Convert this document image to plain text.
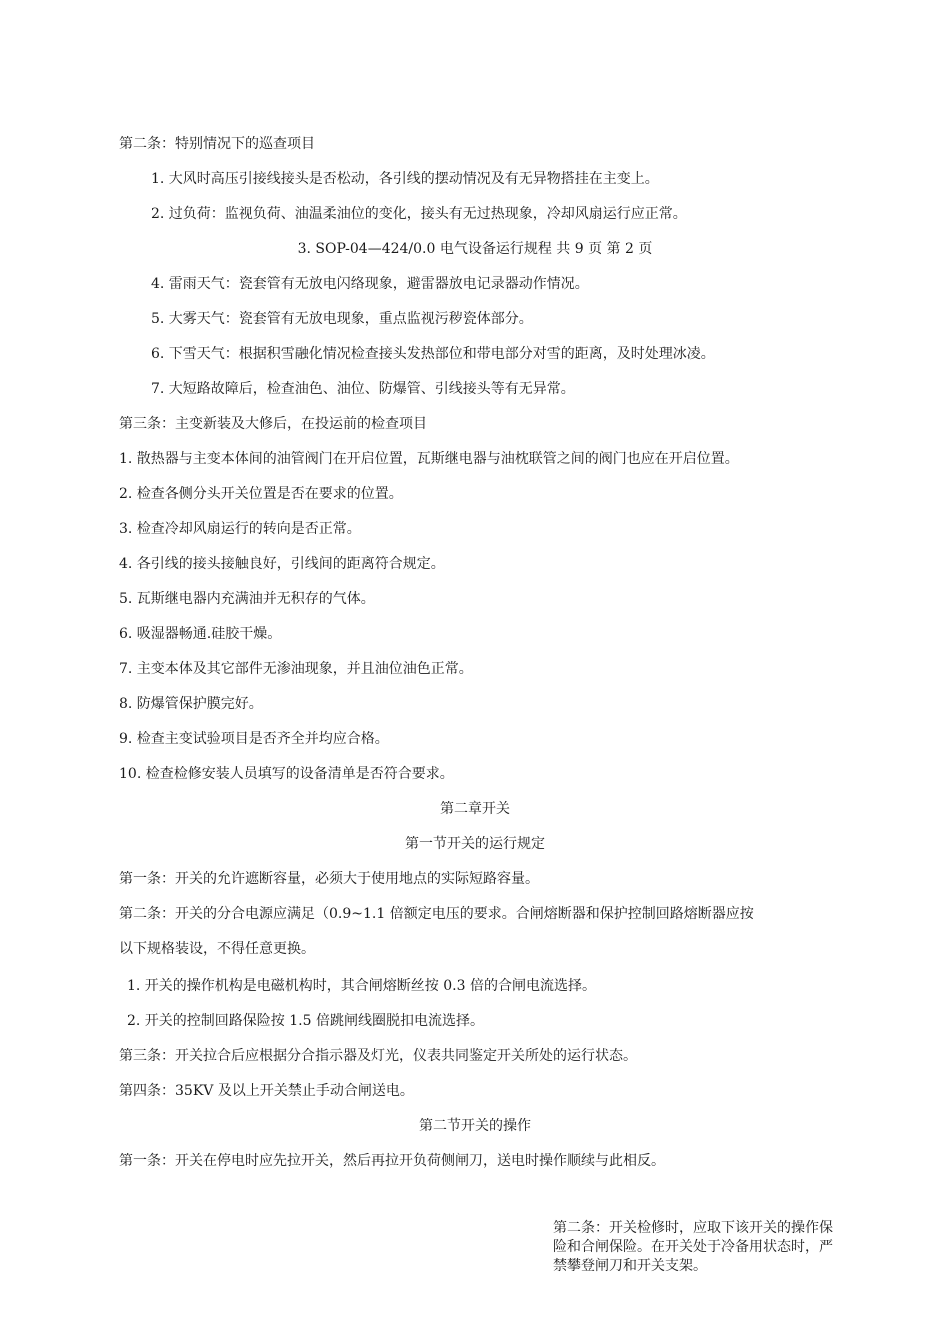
第二条：特别情况下的巡查项目
1. 大风时高压引接线接头是否松动，各引线的摆动情况及有无异物搭挂在主变上。
2. 过负荷：监视负荷、油温柔油位的变化，接头有无过热现象，冷却风扇运行应正常。
3. SOP-04—424/0.0 电气设备运行规程 共 9 页 第 2 页
4. 雷雨天气：瓷套管有无放电闪络现象，避雷器放电记录器动作情况。
5. 大雾天气：瓷套管有无放电现象，重点监视污秽瓷体部分。
6. 下雪天气：根据积雪融化情况检查接头发热部位和带电部分对雪的距离，及时处理冰凌。
7. 大短路故障后，检查油色、油位、防爆管、引线接头等有无异常。
第三条：主变新装及大修后，在投运前的检查项目
1. 散热器与主变本体间的油管阀门在开启位置，瓦斯继电器与油枕联管之间的阀门也应在开启位置。
2. 检查各侧分头开关位置是否在要求的位置。
3. 检查冷却风扇运行的转向是否正常。
4. 各引线的接头接触良好，引线间的距离符合规定。
5. 瓦斯继电器内充满油并无积存的气体。
6. 吸湿器畅通.硅胶干燥。
7. 主变本体及其它部件无渗油现象，并且油位油色正常。
8. 防爆管保护膜完好。
9. 检查主变试验项目是否齐全并均应合格。
10. 检查检修安装人员填写的设备清单是否符合要求。
第二章开关
第一节开关的运行规定
第一条：开关的允许遮断容量，必须大于使用地点的实际短路容量。
第二条：开关的分合电源应满足（0.9~1.1 倍额定电压的要求。合闸熔断器和保护控制回路熔断器应按
以下规格装设，不得任意更换。
1. 开关的操作机构是电磁机构时，其合闸熔断丝按 0.3 倍的合闸电流选择。
2. 开关的控制回路保险按 1.5 倍跳闸线圈脱扣电流选择。
第三条：开关拉合后应根据分合指示器及灯光，仪表共同鉴定开关所处的运行状态。
第四条：35KV 及以上开关禁止手动合闸送电。
第二节开关的操作
第一条：开关在停电时应先拉开关，然后再拉开负荷侧闸刀，送电时操作顺续与此相反。
第二条：开关检修时，应取下该开关的操作保险和合闸保险。在开关处于冷备用状态时，严禁攀登闸刀和开关支架。
